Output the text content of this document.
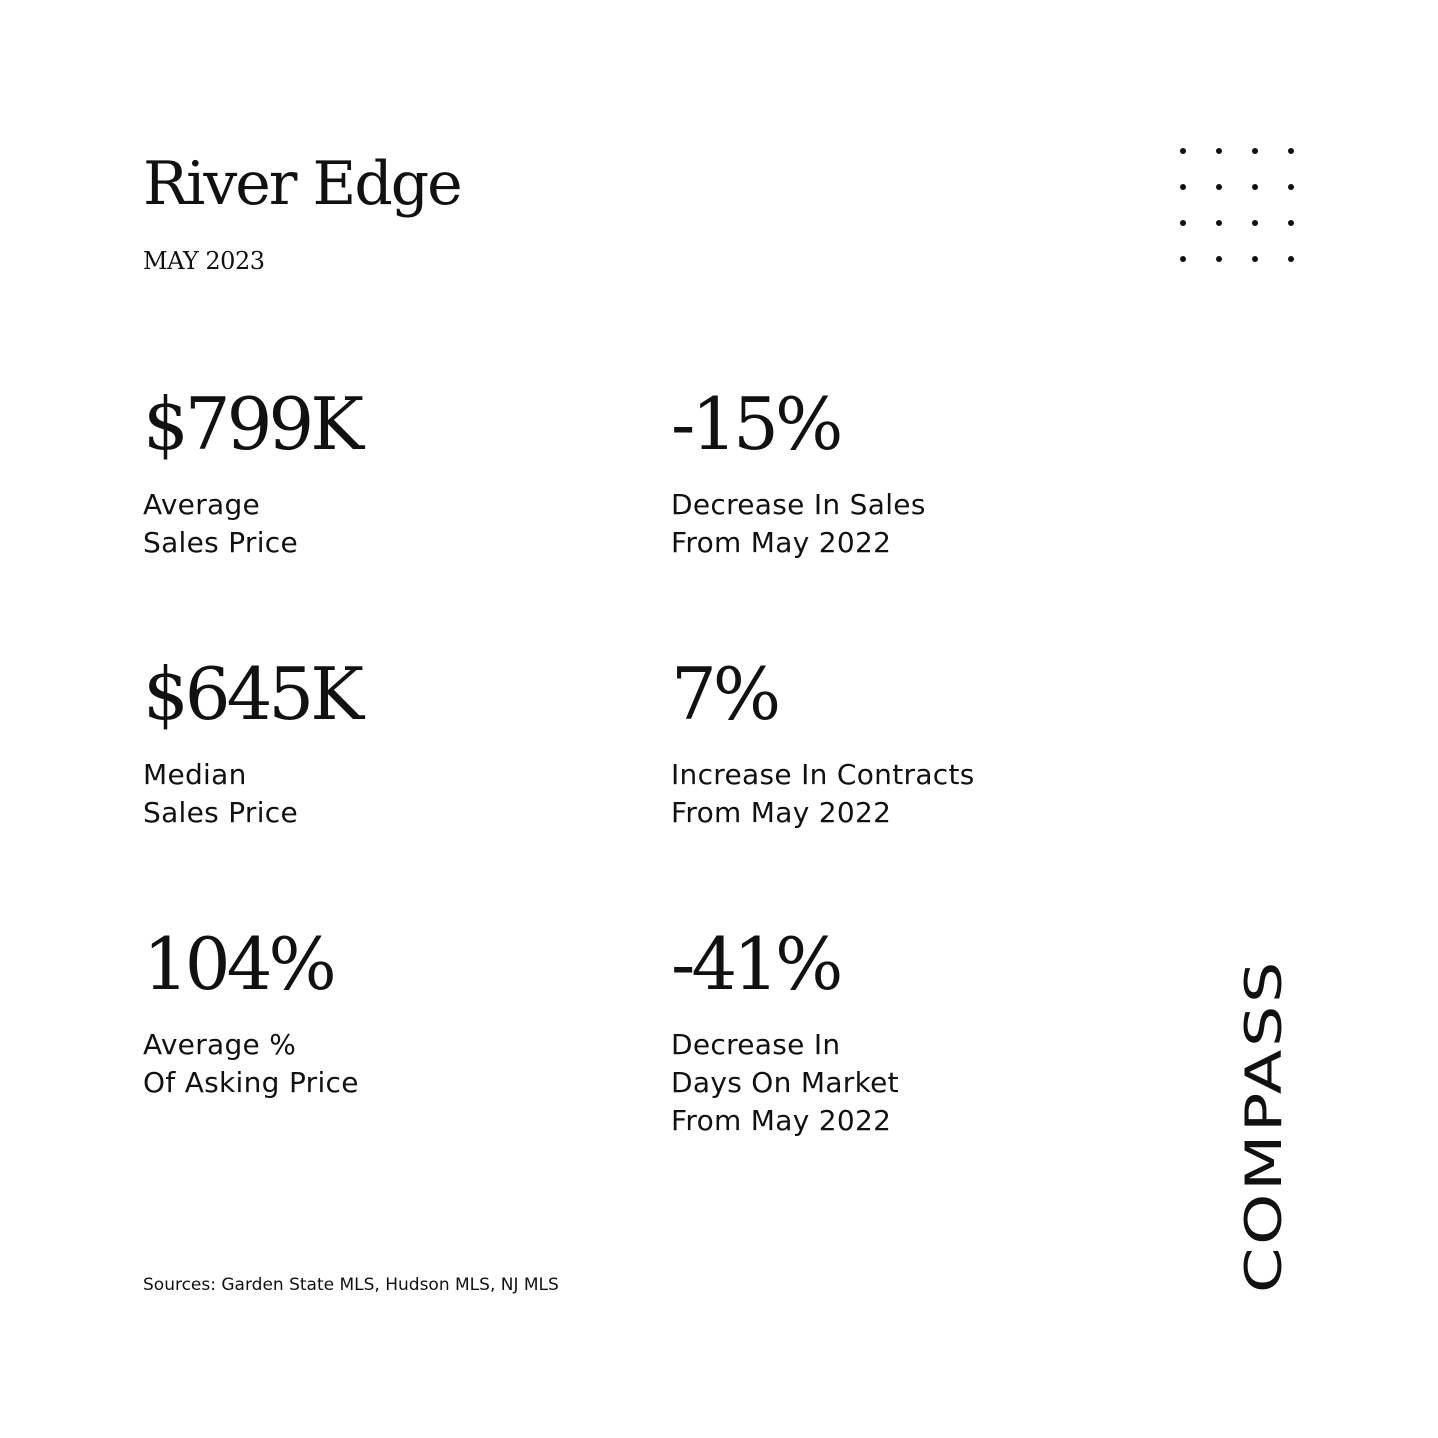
River Edge
MAY 2023
$799K
Average
Sales Price
-15%
Decrease In Sales
From May 2022
$645K
Median
Sales Price
7%
Increase In Contracts
From May 2022
104%
Average %
Of Asking Price
-41%
Decrease In
Days On Market
From May 2022
Sources: Garden State MLS, Hudson MLS, NJ MLS	COMPASS
